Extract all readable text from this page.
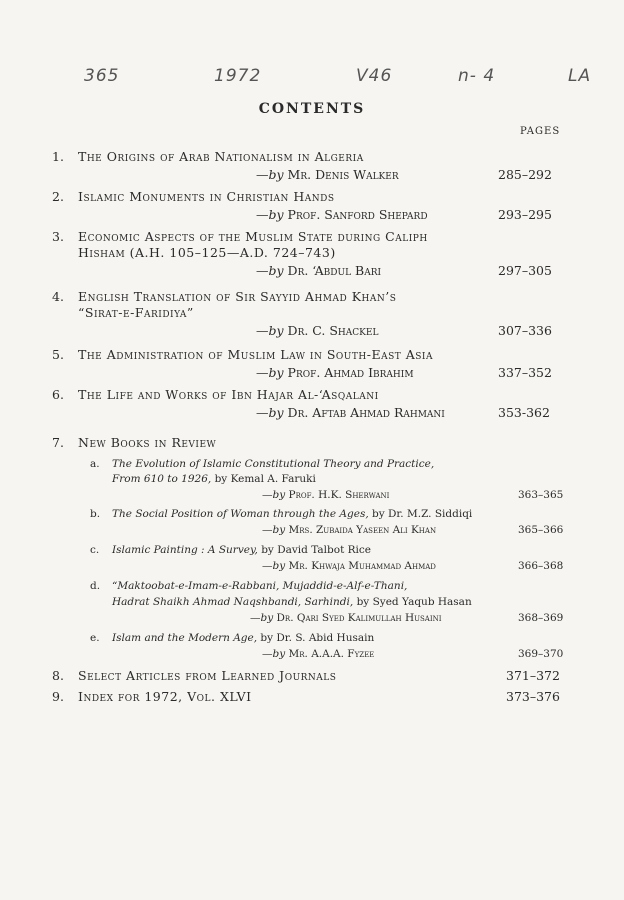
365	1972	V46	n- 4	LA
CONTENTS
PAGES
1. The Origins of Arab Nationalism in Algeria
—by Mr. Denis Walker	285–292
2. Islamic Monuments in Christian Hands
—by Prof. Sanford Shepard	293–295
3. Economic Aspects of the Muslim State during Caliph
Hisham (A.H. 105–125—A.D. 724–743)
—by Dr. ‘Abdul Bari	297–305
4. English Translation of Sir Sayyid Ahmad Khan’s
“Sirat-e-Faridiya”
—by Dr. C. Shackel	307–336
5. The Administration of Muslim Law in South-East Asia
—by Prof. Ahmad Ibrahim	337–352
6. The Life and Works of Ibn Hajar Al-‘Asqalani
—by Dr. Aftab Ahmad Rahmani	353-362
7. New Books in Review
a. The Evolution of Islamic Constitutional Theory and Practice,
From 610 to 1926, by Kemal A. Faruki
—by Prof. H.K. Sherwani	363–365
b. The Social Position of Woman through the Ages, by Dr. M.Z. Siddiqi
—by Mrs. Zubaida Yaseen Ali Khan	365–366
c. Islamic Painting : A Survey, by David Talbot Rice
—by Mr. Khwaja Muhammad Ahmad	366–368
d. “Maktoobat-e-Imam-e-Rabbani, Mujaddid-e-Alf-e-Thani,
Hadrat Shaikh Ahmad Naqshbandi, Sarhindi, by Syed Yaqub Hasan
—by Dr. Qari Syed Kalimullah Husaini	368–369
e. Islam and the Modern Age, by Dr. S. Abid Husain
—by Mr. A.A.A. Fyzee	369–370
8. Select Articles from Learned Journals	371–372
9. Index for 1972, Vol. XLVI	373–376
